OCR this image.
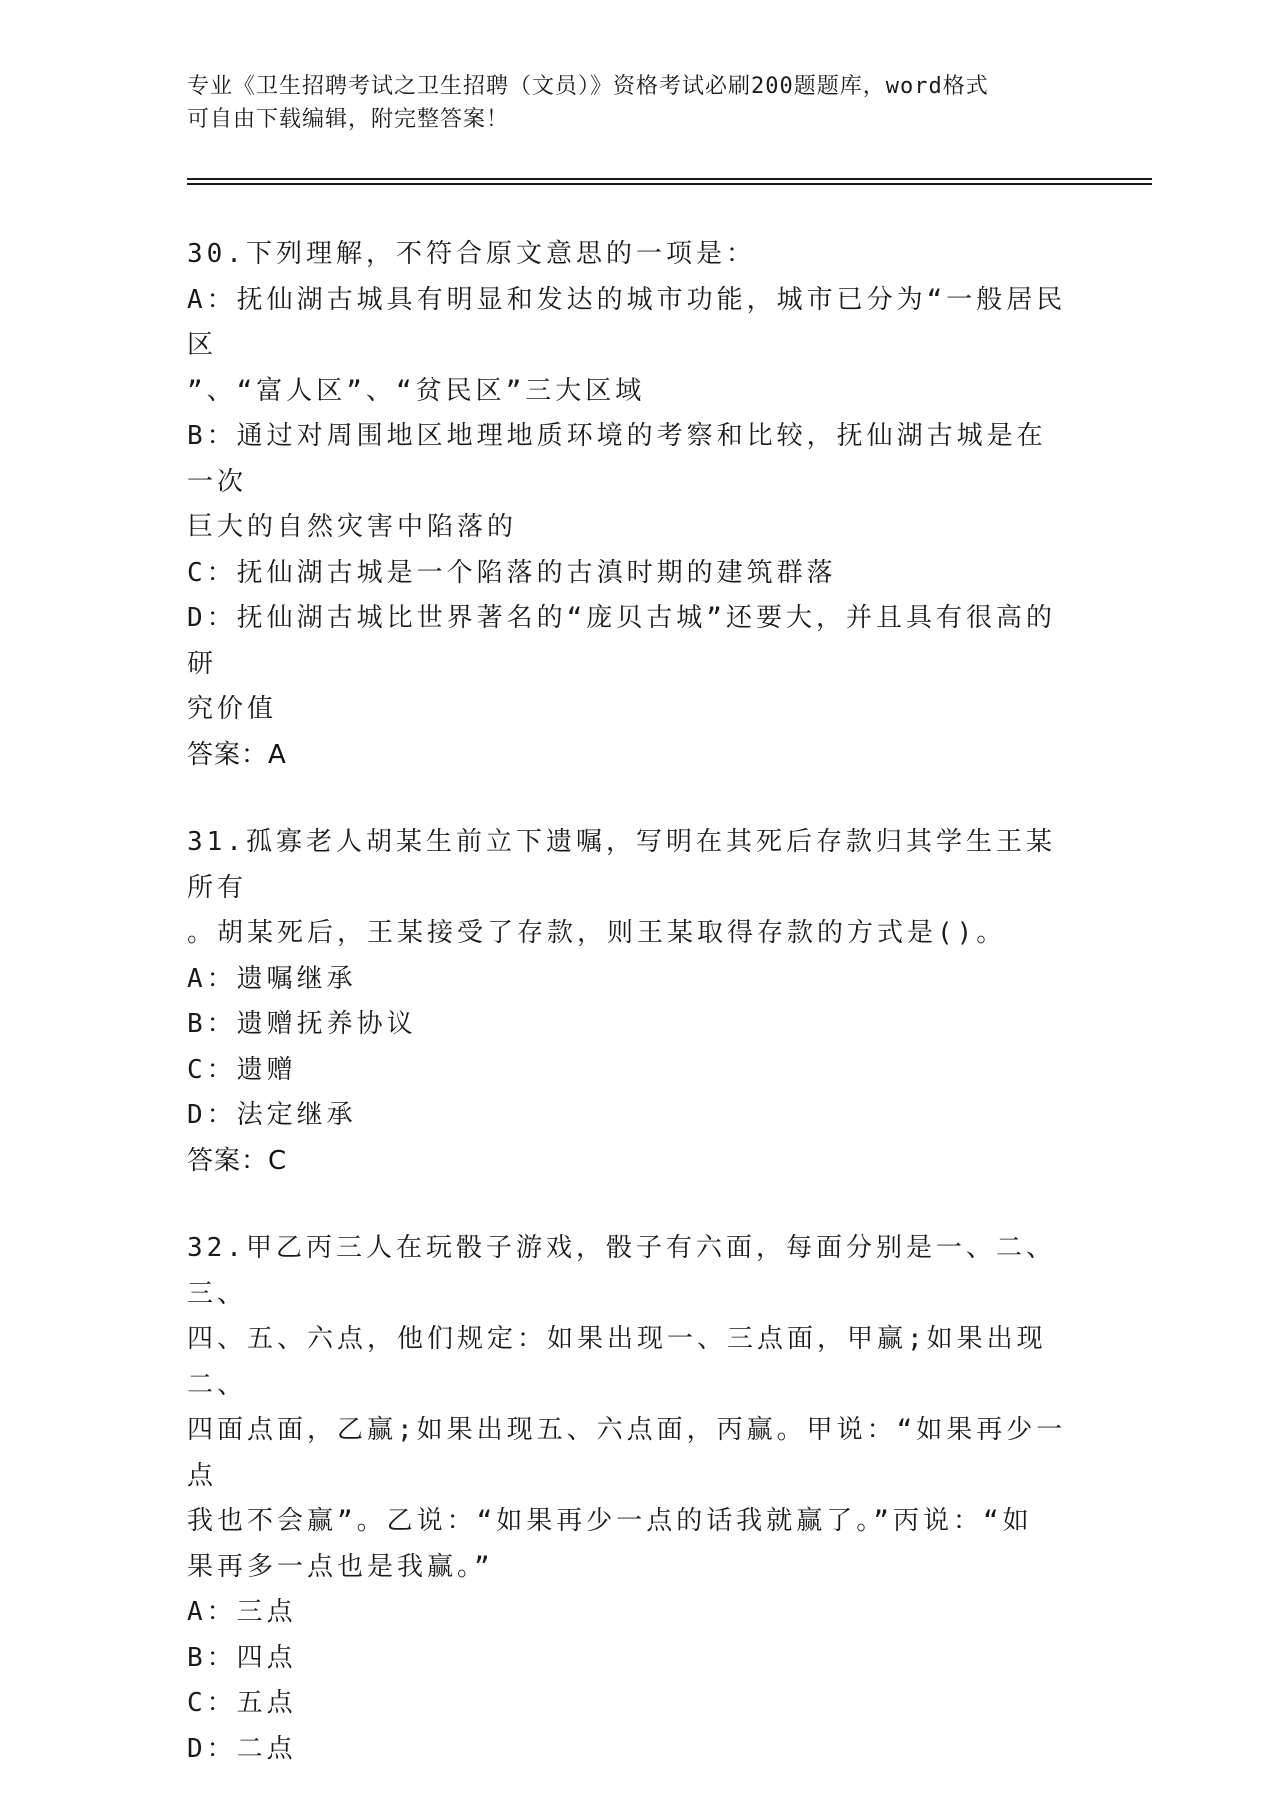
专业《卫生招聘考试之卫生招聘（文员）》资格考试必刷200题题库，word格式
可自由下载编辑，附完整答案！
30.下列理解，不符合原文意思的一项是：
A：抚仙湖古城具有明显和发达的城市功能，城市已分为“一般居民区
”、“富人区”、“贫民区”三大区域
B：通过对周围地区地理地质环境的考察和比较，抚仙湖古城是在一次
巨大的自然灾害中陷落的
C：抚仙湖古城是一个陷落的古滇时期的建筑群落
D：抚仙湖古城比世界著名的“庞贝古城”还要大，并且具有很高的研
究价值
答案：A
31.孤寡老人胡某生前立下遗嘱，写明在其死后存款归其学生王某所有
。胡某死后，王某接受了存款，则王某取得存款的方式是()。
A：遗嘱继承
B：遗赠抚养协议
C：遗赠
D：法定继承
答案：C
32.甲乙丙三人在玩骰子游戏，骰子有六面，每面分别是一、二、三、
四、五、六点，他们规定：如果出现一、三点面，甲赢;如果出现二、
四面点面，乙赢;如果出现五、六点面，丙赢。甲说：“如果再少一点
我也不会赢”。乙说：“如果再少一点的话我就赢了。”丙说：“如
果再多一点也是我赢。”
A：三点
B：四点
C：五点
D：二点
